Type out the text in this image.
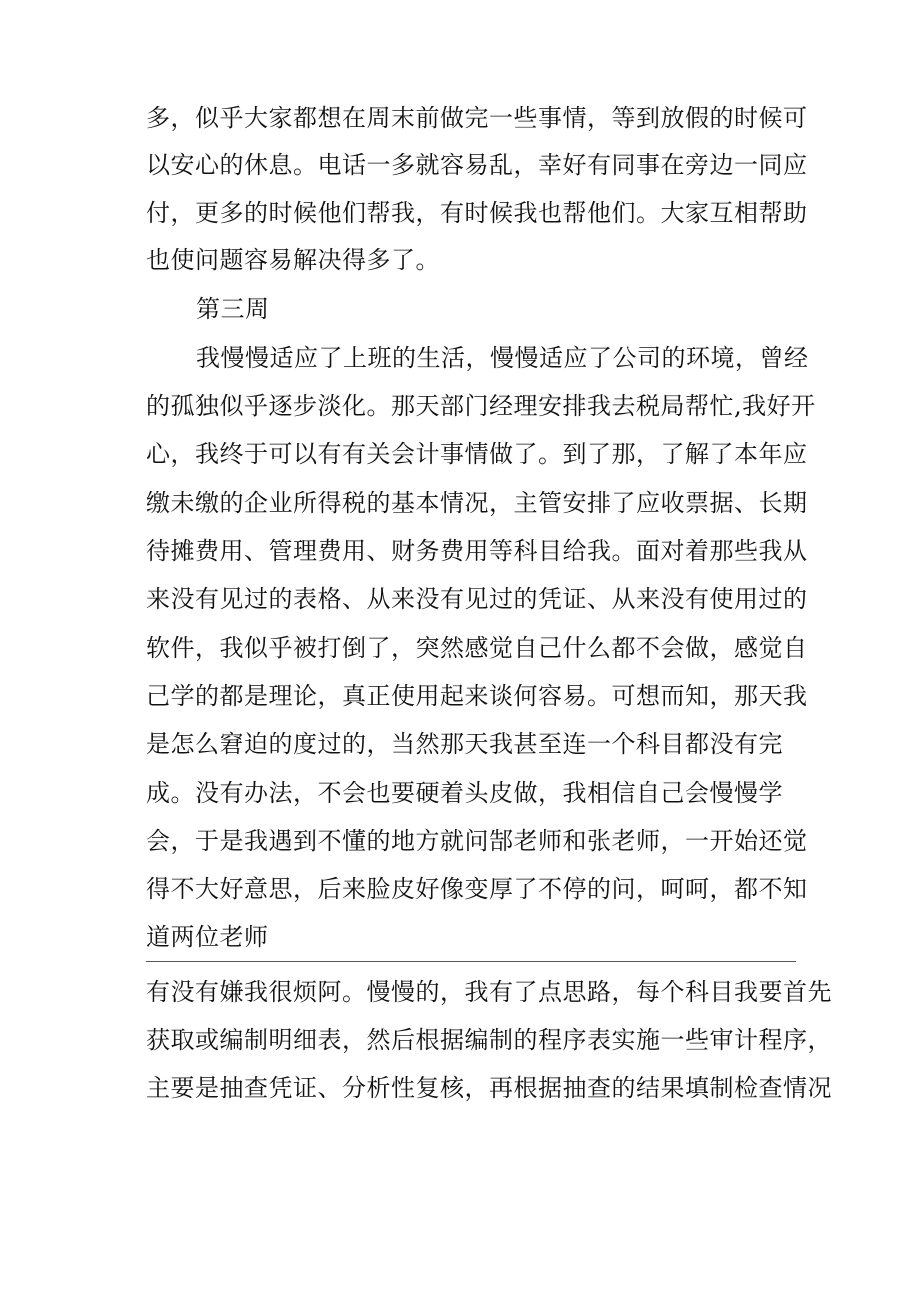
多，似乎大家都想在周末前做完一些事情，等到放假的时候可
以安心的休息。电话一多就容易乱，幸好有同事在旁边一同应
付，更多的时候他们帮我，有时候我也帮他们。大家互相帮助
也使问题容易解决得多了。
第三周
我慢慢适应了上班的生活，慢慢适应了公司的环境，曾经
的孤独似乎逐步淡化。那天部门经理安排我去税局帮忙,我好开
心，我终于可以有有关会计事情做了。到了那，了解了本年应
缴未缴的企业所得税的基本情况，主管安排了应收票据、长期
待摊费用、管理费用、财务费用等科目给我。面对着那些我从
来没有见过的表格、从来没有见过的凭证、从来没有使用过的
软件，我似乎被打倒了，突然感觉自己什么都不会做，感觉自
己学的都是理论，真正使用起来谈何容易。可想而知，那天我
是怎么窘迫的度过的，当然那天我甚至连一个科目都没有完
成。没有办法，不会也要硬着头皮做，我相信自己会慢慢学
会，于是我遇到不懂的地方就问郜老师和张老师，一开始还觉
得不大好意思，后来脸皮好像变厚了不停的问，呵呵，都不知
道两位老师
有没有嫌我很烦阿。慢慢的，我有了点思路，每个科目我要首先
获取或编制明细表，然后根据编制的程序表实施一些审计程序，
主要是抽查凭证、分析性复核，再根据抽查的结果填制检查情况
